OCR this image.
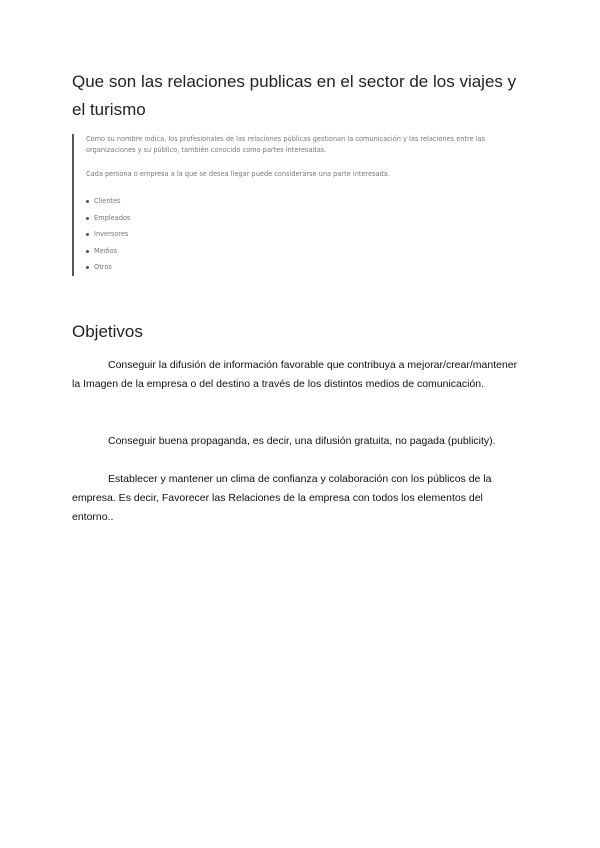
Que son las relaciones publicas en el sector de los viajes y el turismo

Como su nombre indica, los profesionales de las relaciones públicas gestionan la comunicación y las relaciones entre las organizaciones y su público, también conocido como partes interesadas.

Cada persona o empresa a la que se desea llegar puede considerarse una parte interesada.

Clientes
Empleados
Inversores
Medios
Otros
Objetivos

Conseguir la difusión de información favorable que contribuya a mejorar/crear/mantener la Imagen de la empresa o del destino a través de los distintos medios de comunicación.

Conseguir buena propaganda, es decir, una difusión gratuita, no pagada (publicity).

Establecer y mantener un clima de confianza y colaboración con los públicos de la empresa. Es decir, Favorecer las Relaciones de la empresa con todos los elementos del entorno..
